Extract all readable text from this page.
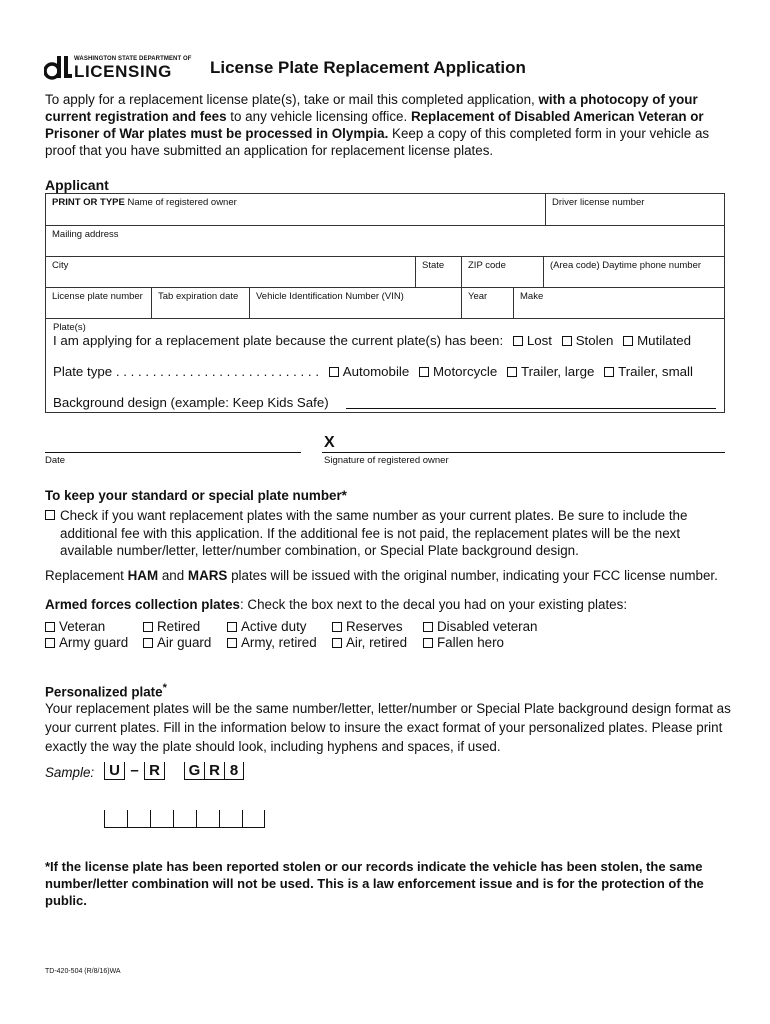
WASHINGTON STATE DEPARTMENT OF
LICENSING License Plate Replacement Application
To apply for a replacement license plate(s), take or mail this completed application, with a photocopy of your current registration and fees to any vehicle licensing office. Replacement of Disabled American Veteran or Prisoner of War plates must be processed in Olympia. Keep a copy of this completed form in your vehicle as proof that you have submitted an application for replacement license plates.
Applicant
PRINT OR TYPE Name of registered owner	Driver license number
Mailing address
City	State	ZIP code	(Area code) Daytime phone number
License plate number	Tab expiration date	Vehicle Identification Number (VIN)	Year	Make
Plate(s)
I am applying for a replacement plate because the current plate(s) has been: Lost Stolen Mutilated
Plate type . . . . . . . . . . . . . . . . . . . . . . . . . . . . Automobile Motorcycle Trailer, large Trailer, small
Background design (example: Keep Kids Safe)
Date
X
Signature of registered owner
To keep your standard or special plate number*
Check if you want replacement plates with the same number as your current plates. Be sure to include the additional fee with this application. If the additional fee is not paid, the replacement plates will be the next available number/letter, letter/number combination, or Special Plate background design.
Replacement HAM and MARS plates will be issued with the original number, indicating your FCC license number.
Armed forces collection plates: Check the box next to the decal you had on your existing plates:
Veteran	Retired	Active duty	Reserves	Disabled veteran
Army guard	Air guard	Army, retired	Air, retired	Fallen hero
Personalized plate*
Your replacement plates will be the same number/letter, letter/number or Special Plate background design format as your current plates. Fill in the information below to insure the exact format of your personalized plates. Please print exactly the way the plate should look, including hyphens and spaces, if used.
Sample: U – R	G R 8
*If the license plate has been reported stolen or our records indicate the vehicle has been stolen, the same number/letter combination will not be used. This is a law enforcement issue and is for the protection of the public.
TD-420-504 (R/8/16)WA
